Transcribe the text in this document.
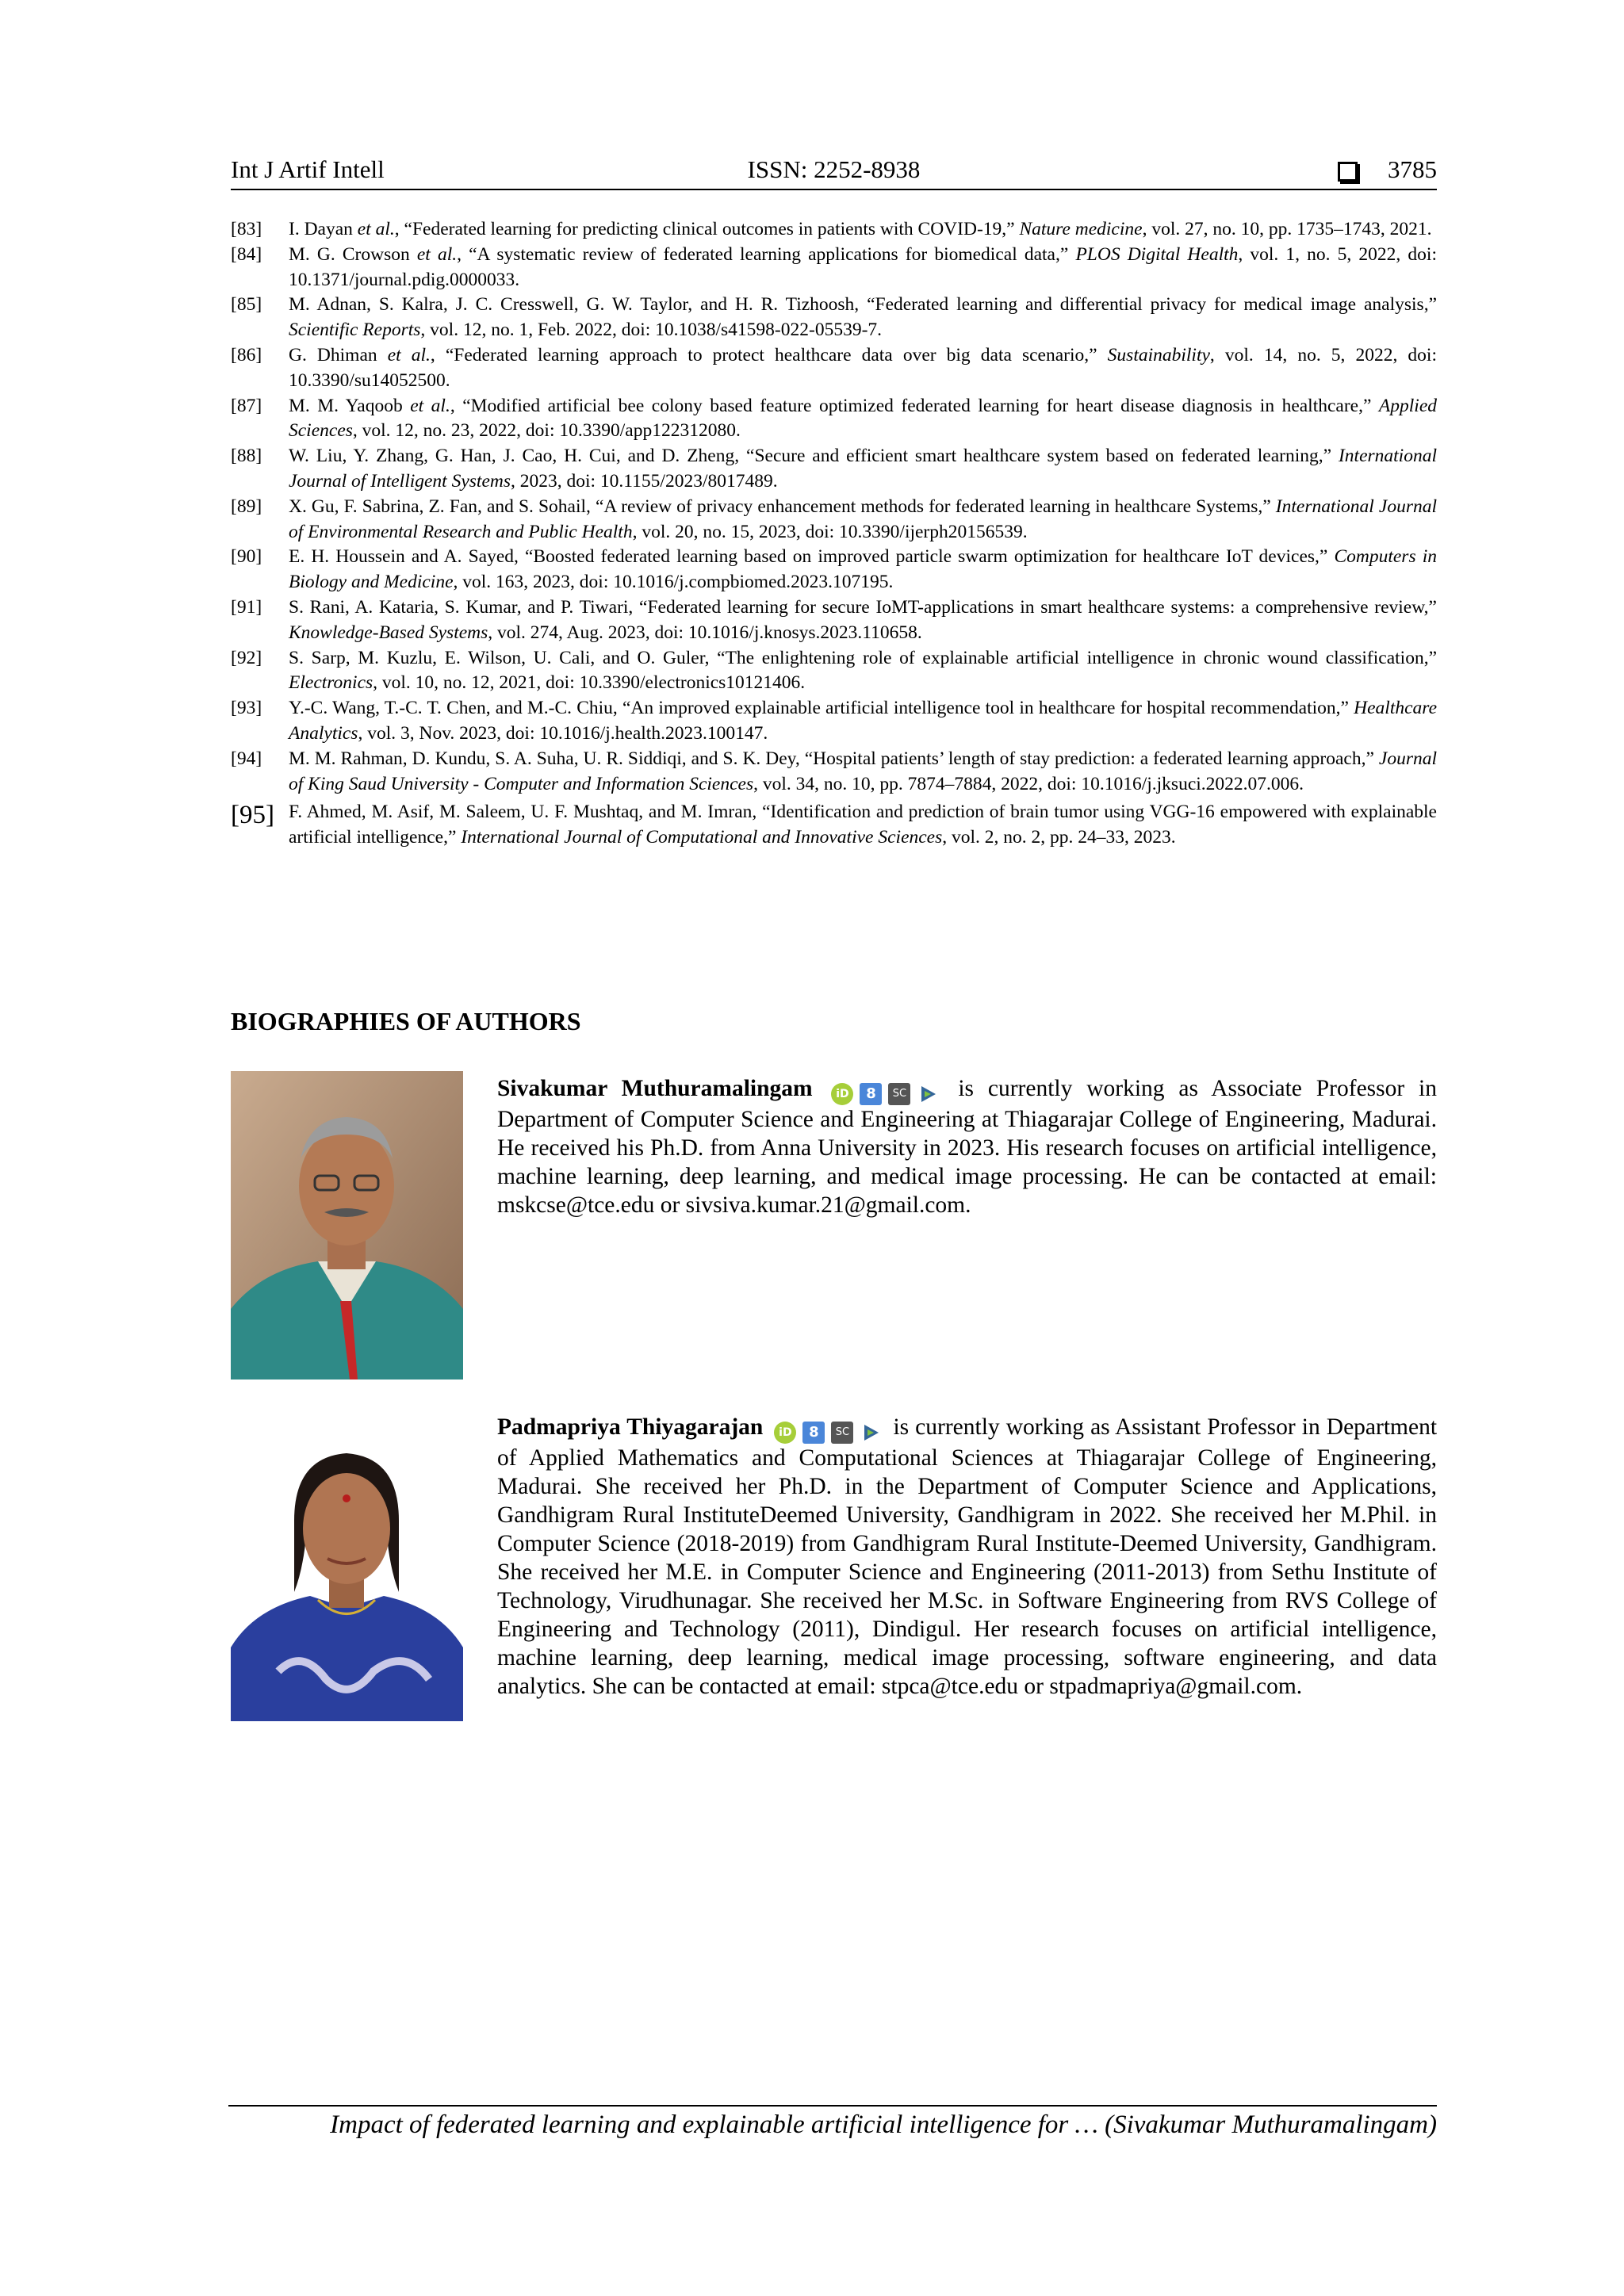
Int J Artif Intell	ISSN: 2252-8938	3785
[83]	I. Dayan et al., “Federated learning for predicting clinical outcomes in patients with COVID-19,” Nature medicine, vol. 27, no. 10, pp. 1735–1743, 2021.
[84]	M. G. Crowson et al., “A systematic review of federated learning applications for biomedical data,” PLOS Digital Health, vol. 1, no. 5, 2022, doi: 10.1371/journal.pdig.0000033.
[85]	M. Adnan, S. Kalra, J. C. Cresswell, G. W. Taylor, and H. R. Tizhoosh, “Federated learning and differential privacy for medical image analysis,” Scientific Reports, vol. 12, no. 1, Feb. 2022, doi: 10.1038/s41598-022-05539-7.
[86]	G. Dhiman et al., “Federated learning approach to protect healthcare data over big data scenario,” Sustainability, vol. 14, no. 5, 2022, doi: 10.3390/su14052500.
[87]	M. M. Yaqoob et al., “Modified artificial bee colony based feature optimized federated learning for heart disease diagnosis in healthcare,” Applied Sciences, vol. 12, no. 23, 2022, doi: 10.3390/app122312080.
[88]	W. Liu, Y. Zhang, G. Han, J. Cao, H. Cui, and D. Zheng, “Secure and efficient smart healthcare system based on federated learning,” International Journal of Intelligent Systems, 2023, doi: 10.1155/2023/8017489.
[89]	X. Gu, F. Sabrina, Z. Fan, and S. Sohail, “A review of privacy enhancement methods for federated learning in healthcare Systems,” International Journal of Environmental Research and Public Health, vol. 20, no. 15, 2023, doi: 10.3390/ijerph20156539.
[90]	E. H. Houssein and A. Sayed, “Boosted federated learning based on improved particle swarm optimization for healthcare IoT devices,” Computers in Biology and Medicine, vol. 163, 2023, doi: 10.1016/j.compbiomed.2023.107195.
[91]	S. Rani, A. Kataria, S. Kumar, and P. Tiwari, “Federated learning for secure IoMT-applications in smart healthcare systems: a comprehensive review,” Knowledge-Based Systems, vol. 274, Aug. 2023, doi: 10.1016/j.knosys.2023.110658.
[92]	S. Sarp, M. Kuzlu, E. Wilson, U. Cali, and O. Guler, “The enlightening role of explainable artificial intelligence in chronic wound classification,” Electronics, vol. 10, no. 12, 2021, doi: 10.3390/electronics10121406.
[93]	Y.-C. Wang, T.-C. T. Chen, and M.-C. Chiu, “An improved explainable artificial intelligence tool in healthcare for hospital recommendation,” Healthcare Analytics, vol. 3, Nov. 2023, doi: 10.1016/j.health.2023.100147.
[94]	M. M. Rahman, D. Kundu, S. A. Suha, U. R. Siddiqi, and S. K. Dey, “Hospital patients’ length of stay prediction: a federated learning approach,” Journal of King Saud University - Computer and Information Sciences, vol. 34, no. 10, pp. 7874–7884, 2022, doi: 10.1016/j.jksuci.2022.07.006.
[95] F. Ahmed, M. Asif, M. Saleem, U. F. Mushtaq, and M. Imran, “Identification and prediction of brain tumor using VGG-16 empowered with explainable artificial intelligence,” International Journal of Computational and Innovative Sciences, vol. 2, no. 2, pp. 24–33, 2023.
BIOGRAPHIES OF AUTHORS
Sivakumar Muthuramalingam	iD	8	SC is currently working as Associate Professor in Department of Computer Science and Engineering at Thiagarajar College of Engineering, Madurai. He received his Ph.D. from Anna University in 2023. His research focuses on artificial intelligence, machine learning, deep learning, and medical image processing. He can be contacted at email: mskcse@tce.edu or sivsiva.kumar.21@gmail.com.
Padmapriya Thiyagarajan	iD	8	SC is currently working as Assistant Professor in Department of Applied Mathematics and Computational Sciences at Thiagarajar College of Engineering, Madurai. She received her Ph.D. in the Department of Computer Science and Applications, Gandhigram Rural InstituteDeemed University, Gandhigram in 2022. She received her M.Phil. in Computer Science (2018-2019) from Gandhigram Rural Institute-Deemed University, Gandhigram. She received her M.E. in Computer Science and Engineering (2011-2013) from Sethu Institute of Technology, Virudhunagar. She received her M.Sc. in Software Engineering from RVS College of Engineering and Technology (2011), Dindigul. Her research focuses on artificial intelligence, machine learning, deep learning, medical image processing, software engineering, and data analytics. She can be contacted at email: stpca@tce.edu or stpadmapriya@gmail.com.
Impact of federated learning and explainable artificial intelligence for … (Sivakumar Muthuramalingam)
